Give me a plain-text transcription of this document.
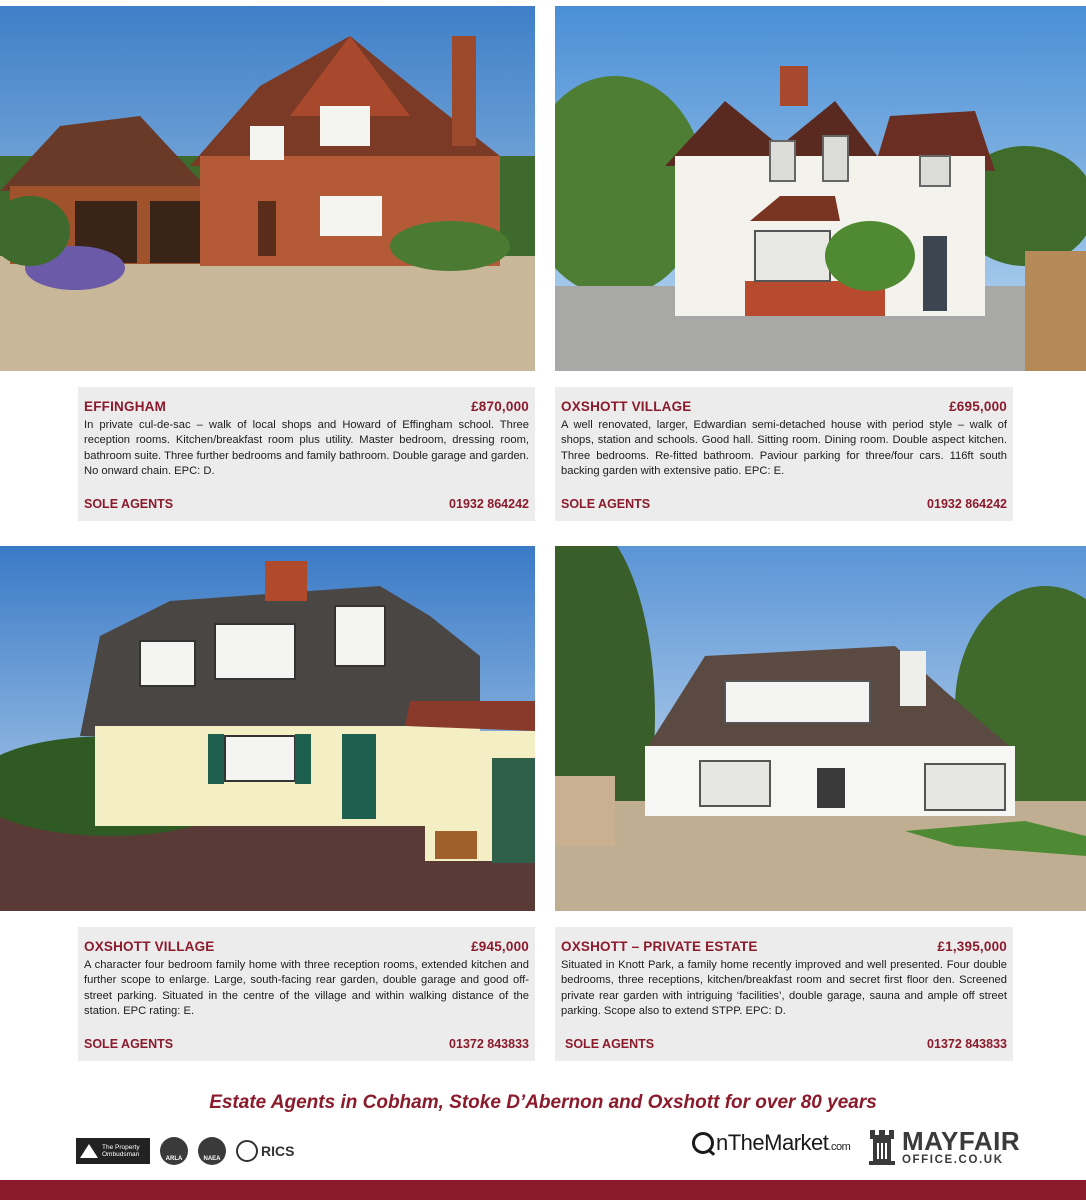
EFFINGHAM	£870,000
In private cul-de-sac – walk of local shops and Howard of Effingham school. Three reception rooms. Kitchen/breakfast room plus utility. Master bedroom, dressing room, bathroom suite. Three further bedrooms and family bathroom. Double garage and garden. No onward chain. EPC: D.
SOLE AGENTS	01932 864242
OXSHOTT VILLAGE	£695,000
A well renovated, larger, Edwardian semi-detached house with period style – walk of shops, station and schools. Good hall. Sitting room. Dining room. Double aspect kitchen. Three bedrooms. Re-fitted bathroom. Paviour parking for three/four cars. 116ft south backing garden with extensive patio. EPC: E.
SOLE AGENTS	01932 864242
OXSHOTT VILLAGE	£945,000
A character four bedroom family home with three reception rooms, extended kitchen and further scope to enlarge. Large, south-facing rear garden, double garage and good off-street parking. Situated in the centre of the village and within walking distance of the station. EPC rating: E.
SOLE AGENTS	01372 843833
OXSHOTT – PRIVATE ESTATE	£1,395,000
Situated in Knott Park, a family home recently improved and well presented. Four double bedrooms, three receptions, kitchen/breakfast room and secret first floor den. Screened private rear garden with intriguing ‘facilities’, double garage, sauna and ample off street parking. Scope also to extend STPP. EPC: D.
SOLE AGENTS	01372 843833
Estate Agents in Cobham, Stoke D’Abernon and Oxshott for over 80 years
The Property
Ombudsman
ARLA	NAEA	RICS	nTheMarket .com MAYFAIR
OFFICE.CO.UK
